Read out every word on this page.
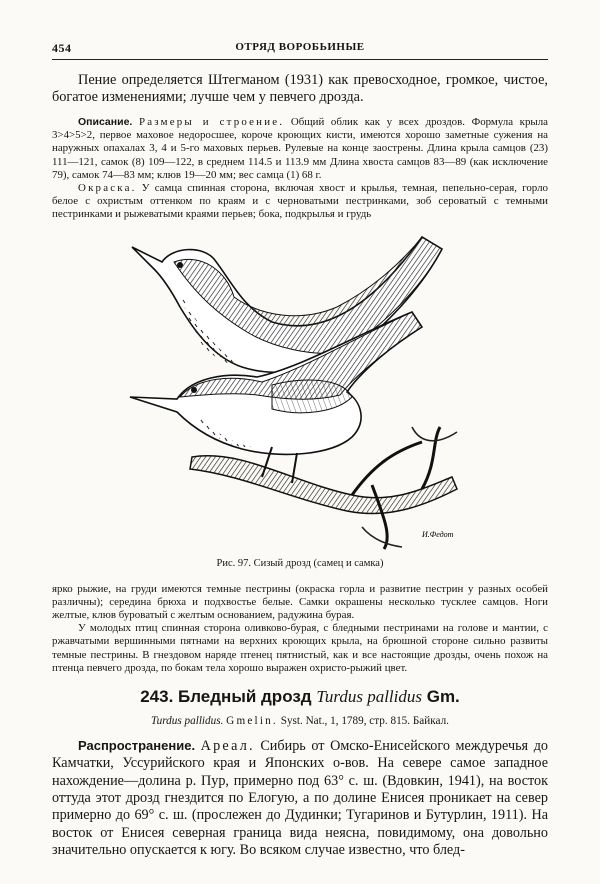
454	ОТРЯД ВОРОБЬИНЫЕ
Пение определяется Штегманом (1931) как превосходное, громкое, чистое, богатое изменениями; лучше чем у певчего дрозда.

Описание. Размеры и строение. Общий облик как у всех дроздов. Формула крыла 3>4>5>2, первое маховое недоросшее, короче кроющих кисти, имеются хорошо заметные сужения на наружных опахалах 3, 4 и 5-го маховых перьев. Рулевые на конце заострены. Длина крыла самцов (23) 111—121, самок (8) 109—122, в среднем 114.5 и 113.9 мм Длина хвоста самцов 83—89 (как исключение 79), самок 74—83 мм; клюв 19—20 мм; вес самца (1) 68 г.

Окраска. У самца спинная сторона, включая хвост и крылья, темная, пепельно-серая, горло белое с охристым оттенком по краям и с черноватыми пестринками, зоб сероватый с темными пестринками и рыжеватыми краями перьев; бока, подкрылья и грудь

И.Федот
Рис. 97. Сизый дрозд (самец и самка)

ярко рыжие, на груди имеются темные пестрины (окраска горла и развитие пестрин у разных особей различны); середина брюха и подхвостье белые. Самки окрашены несколько тусклее самцов. Ноги желтые, клюв буроватый с желтым основанием, радужина бурая.

У молодых птиц спинная сторона оливково-бурая, с бледными пестринами на голове и мантии, с ржавчатыми вершинными пятнами на верхних кроющих крыла, на брюшной стороне сильно развиты темные пестрины. В гнездовом наряде птенец пятнистый, как и все настоящие дрозды, очень похож на птенца певчего дрозда, по бокам тела хорошо выражен охристо-рыжий цвет.

243. Бледный дрозд Turdus pallidus Gm.
Turdus pallidus. Gmelin. Syst. Nat., 1, 1789, стр. 815. Байкал.

Распространение. Ареал. Сибирь от Омско-Енисейского междуречья до Камчатки, Уссурийского края и Японских о-вов. На севере самое западное нахождение—долина р. Пур, примерно под 63° с. ш. (Вдовкин, 1941), на восток оттуда этот дрозд гнездится по Елогую, а по долине Енисея проникает на север примерно до 69° с. ш. (прослежен до Дудинки; Тугаринов и Бутурлин, 1911). На восток от Енисея северная граница вида неясна, повидимому, она довольно значительно опускается к югу. Во всяком случае известно, что блед-
